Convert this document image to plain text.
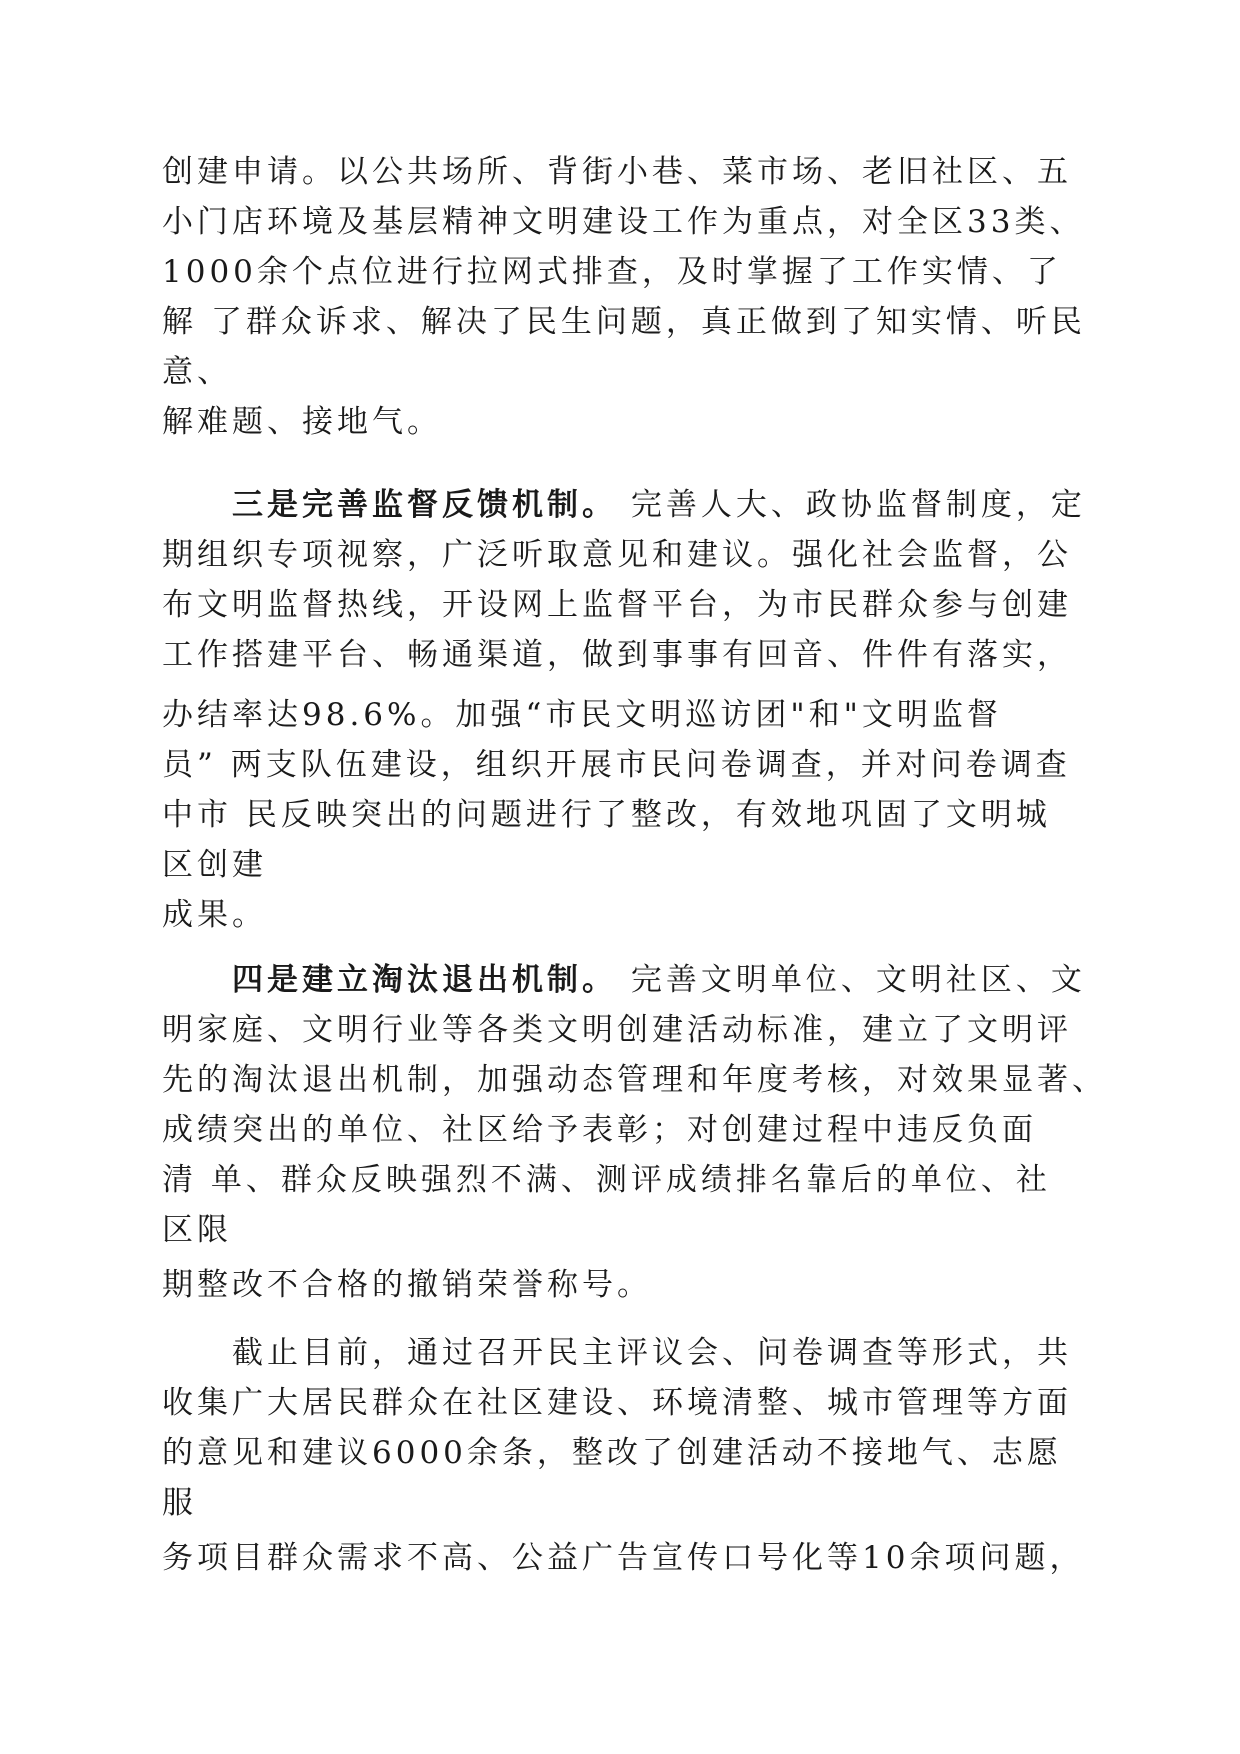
创建申请。以公共场所、背街小巷、菜市场、老旧社区、五

小门店环境及基层精神文明建设工作为重点，对全区33类、

1000余个点位进行拉网式排查，及时掌握了工作实情、了

解 了群众诉求、解决了民生问题，真正做到了知实情、听民

意、

解难题、接地气。

三是完善监督反馈机制。 完善人大、政协监督制度，定

期组织专项视察，广泛听取意见和建议。强化社会监督，公

布文明监督热线，开设网上监督平台，为市民群众参与创建

工作搭建平台、畅通渠道，做到事事有回音、件件有落实，

办结率达98.6%。加强“市民文明巡访团"和"文明监督

员” 两支队伍建设，组织开展市民问卷调查，并对问卷调查

中市 民反映突出的问题进行了整改，有效地巩固了文明城

区创建

成果。

四是建立淘汰退出机制。 完善文明单位、文明社区、文

明家庭、文明行业等各类文明创建活动标准，建立了文明评

先的淘汰退出机制，加强动态管理和年度考核，对效果显著、

成绩突出的单位、社区给予表彰；对创建过程中违反负面

清 单、群众反映强烈不满、测评成绩排名靠后的单位、社

区限

期整改不合格的撤销荣誉称号。

截止目前，通过召开民主评议会、问卷调查等形式，共

收集广大居民群众在社区建设、环境清整、城市管理等方面

的意见和建议6000余条，整改了创建活动不接地气、志愿

服

务项目群众需求不高、公益广告宣传口号化等10余项问题，
